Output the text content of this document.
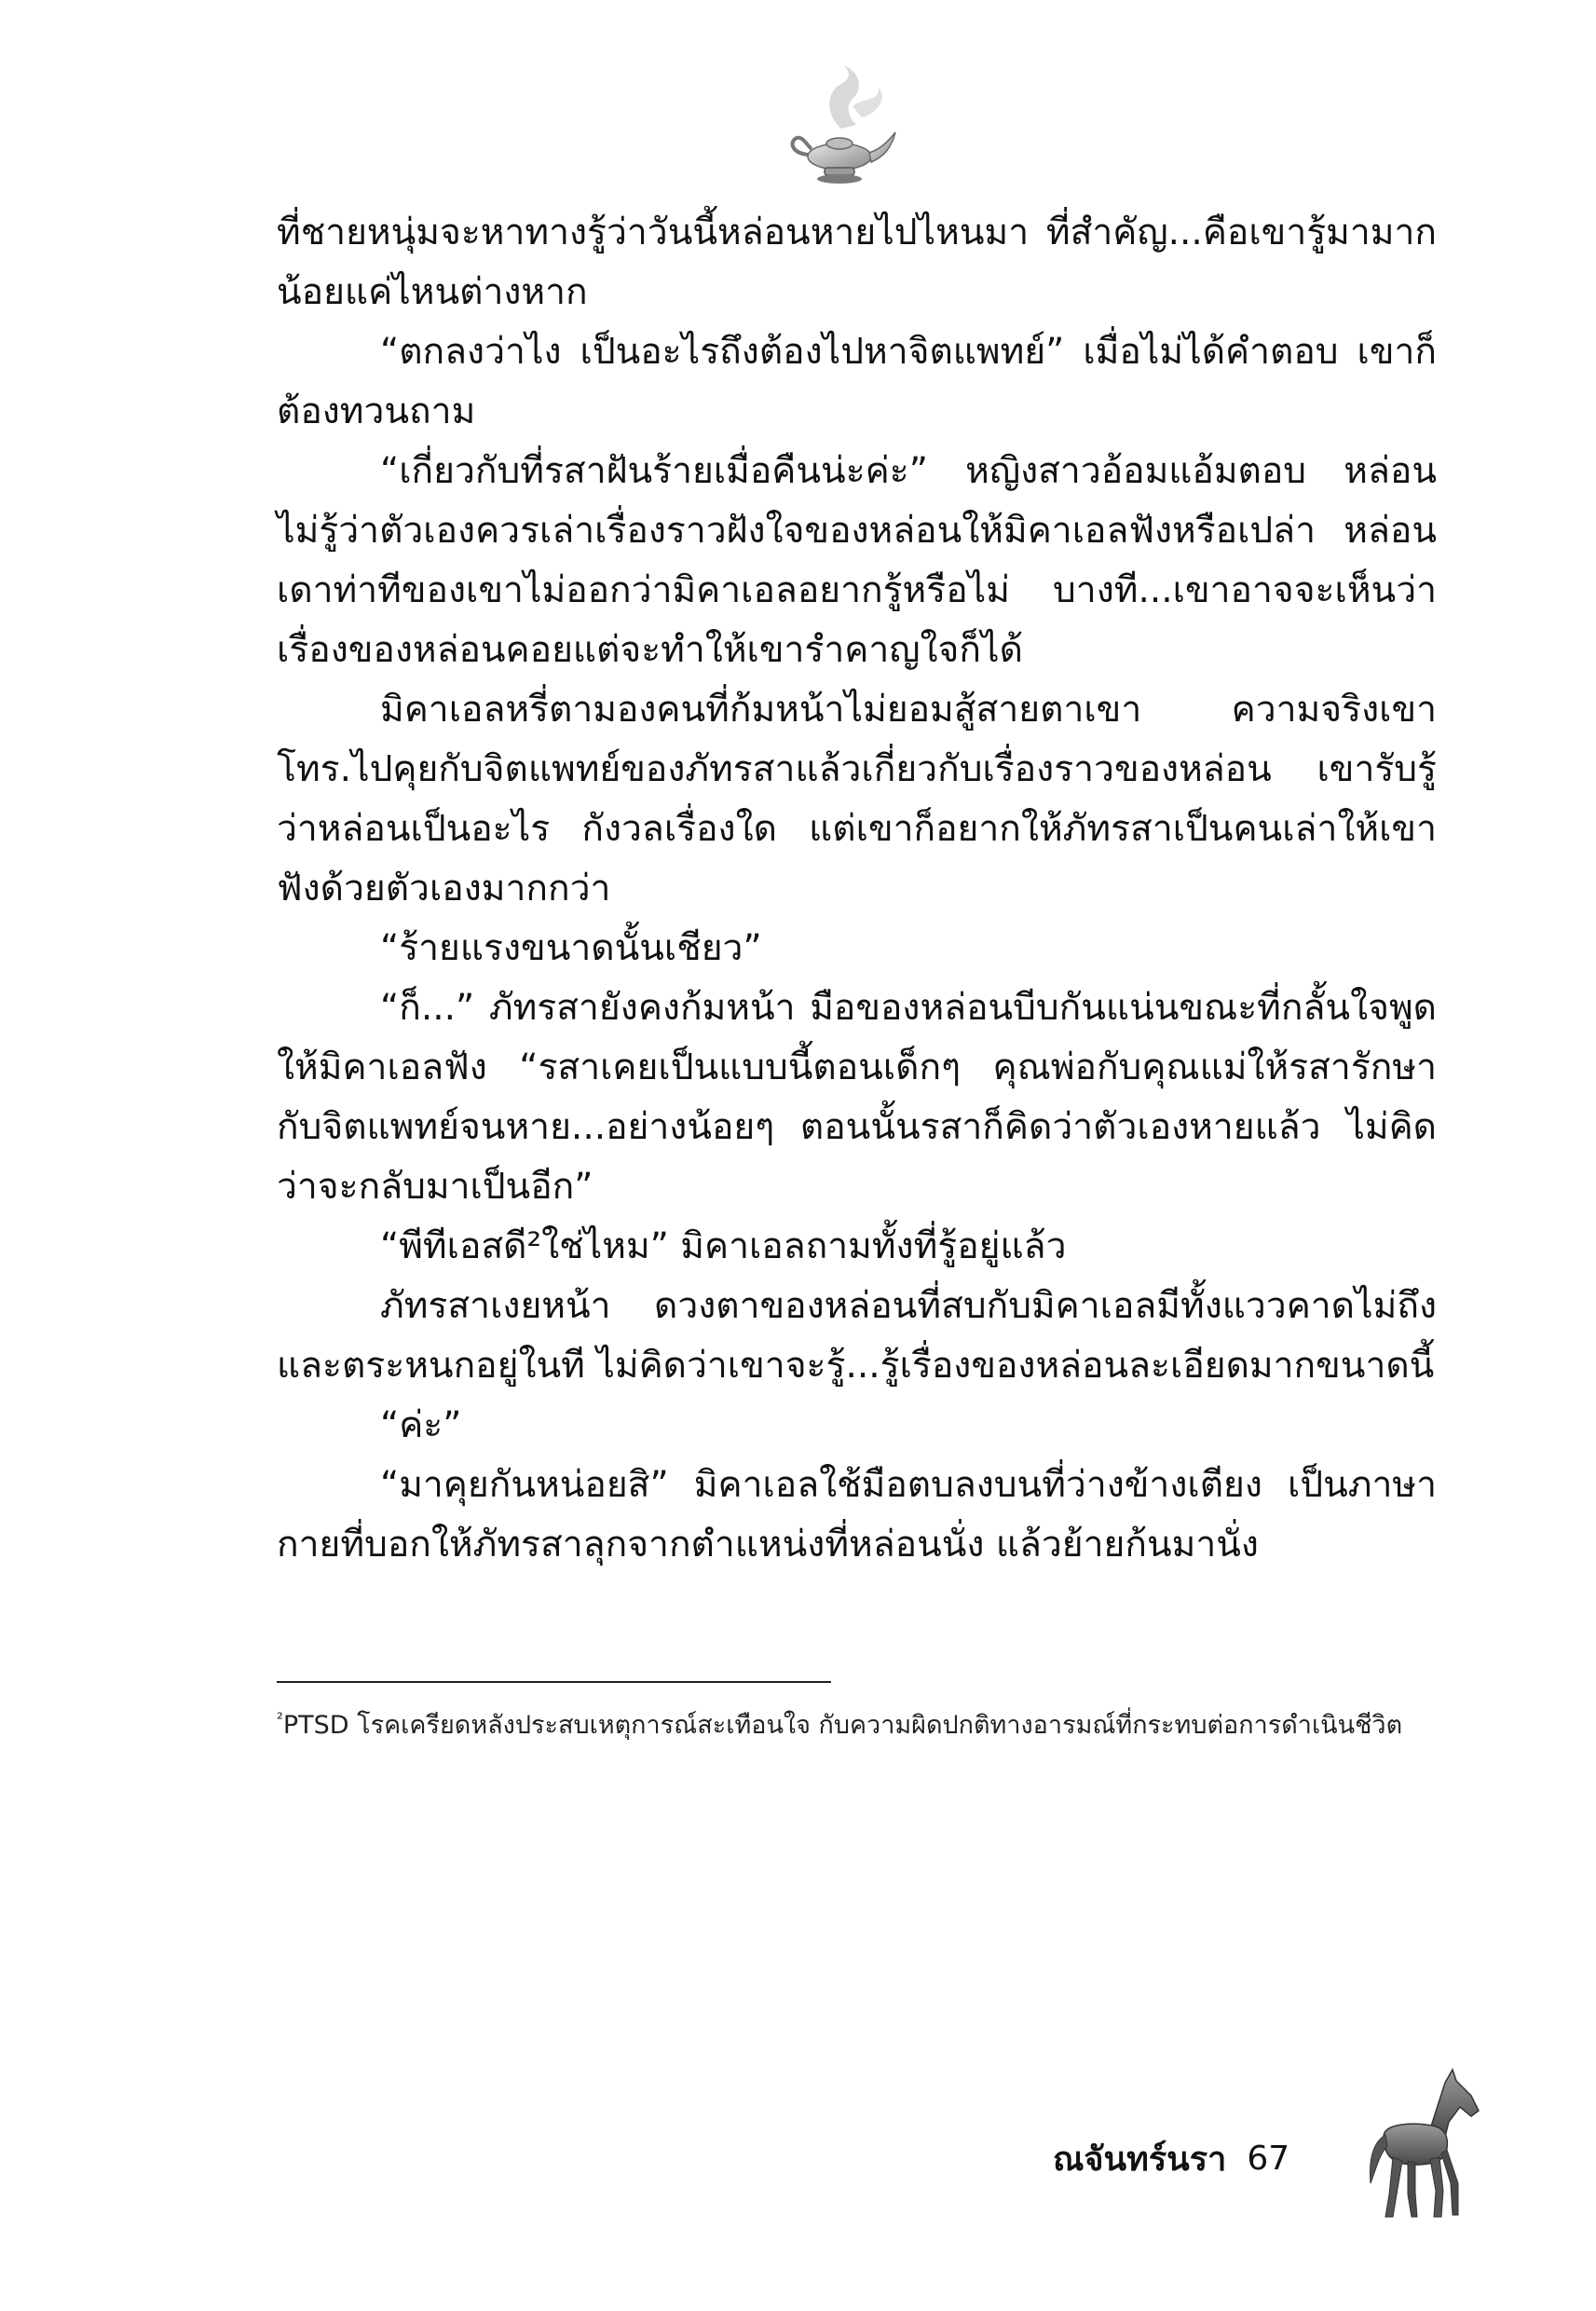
ที่ชายหนุ่มจะหาทางรู้ว่าวันนี้หล่อนหายไปไหนมา ที่สำคัญ...คือเขารู้มามากน้อยแค่ไหนต่างหาก

“ตกลงว่าไง เป็นอะไรถึงต้องไปหาจิตแพทย์” เมื่อไม่ได้คำตอบ เขาก็ต้องทวนถาม

“เกี่ยวกับที่รสาฝันร้ายเมื่อคืนน่ะค่ะ” หญิงสาวอ้อมแอ้มตอบ หล่อนไม่รู้ว่าตัวเองควรเล่าเรื่องราวฝังใจของหล่อนให้มิคาเอลฟังหรือเปล่า หล่อนเดาท่าทีของเขาไม่ออกว่ามิคาเอลอยากรู้หรือไม่ บางที...เขาอาจจะเห็นว่าเรื่องของหล่อนคอยแต่จะทำให้เขารำคาญใจก็ได้

มิคาเอลหรี่ตามองคนที่ก้มหน้าไม่ยอมสู้สายตาเขา ความจริงเขาโทร.ไปคุยกับจิตแพทย์ของภัทรสาแล้วเกี่ยวกับเรื่องราวของหล่อน เขารับรู้ว่าหล่อนเป็นอะไร กังวลเรื่องใด แต่เขาก็อยากให้ภัทรสาเป็นคนเล่าให้เขาฟังด้วยตัวเองมากกว่า

“ร้ายแรงขนาดนั้นเชียว”

“ก็...” ภัทรสายังคงก้มหน้า มือของหล่อนบีบกันแน่นขณะที่กลั้นใจพูดให้มิคาเอลฟัง “รสาเคยเป็นแบบนี้ตอนเด็กๆ คุณพ่อกับคุณแม่ให้รสารักษากับจิตแพทย์จนหาย...อย่างน้อยๆ ตอนนั้นรสาก็คิดว่าตัวเองหายแล้ว ไม่คิดว่าจะกลับมาเป็นอีก”

“พีทีเอสดี²ใช่ไหม” มิคาเอลถามทั้งที่รู้อยู่แล้ว

ภัทรสาเงยหน้า ดวงตาของหล่อนที่สบกับมิคาเอลมีทั้งแววคาดไม่ถึงและตระหนกอยู่ในที ไม่คิดว่าเขาจะรู้...รู้เรื่องของหล่อนละเอียดมากขนาดนี้

“ค่ะ”

“มาคุยกันหน่อยสิ” มิคาเอลใช้มือตบลงบนที่ว่างข้างเตียง เป็นภาษากายที่บอกให้ภัทรสาลุกจากตำแหน่งที่หล่อนนั่ง แล้วย้ายก้นมานั่ง

$^{^2}$PTSD โรคเครียดหลังประสบเหตุการณ์สะเทือนใจ กับความผิดปกติทางอารมณ์ที่กระทบต่อการดำเนินชีวิต
ณจันทร์นรา 67
